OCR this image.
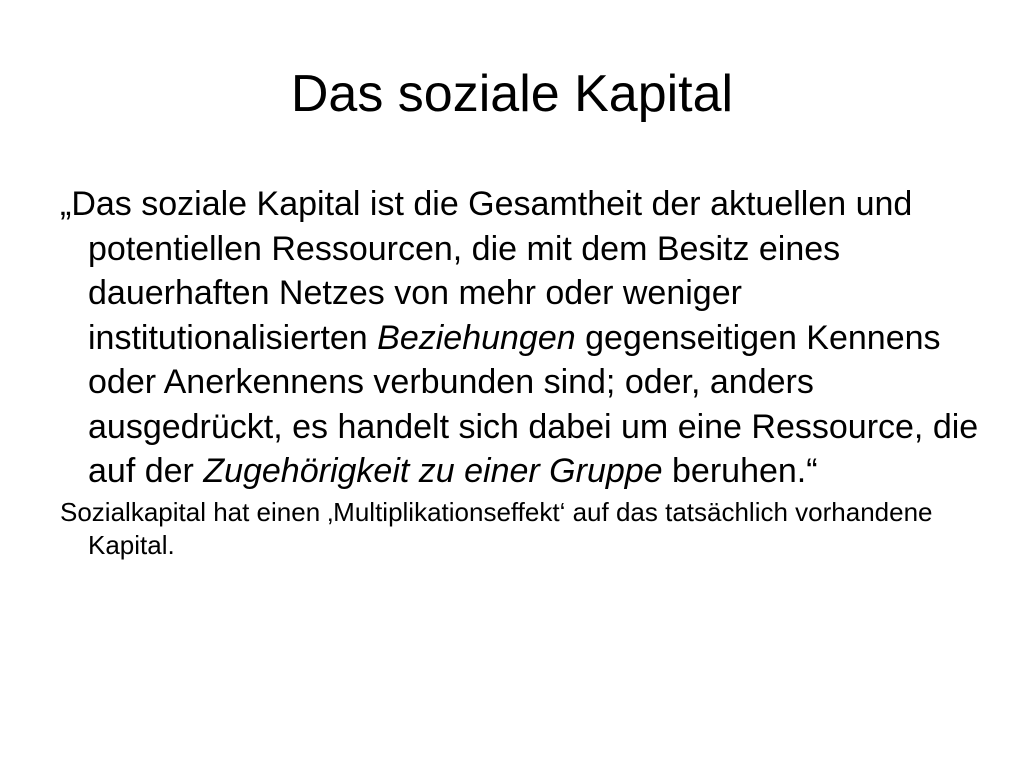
Das soziale Kapital

„Das soziale Kapital ist die Gesamtheit der aktuellen und potentiellen Ressourcen, die mit dem Besitz eines dauerhaften Netzes von mehr oder weniger institutionalisierten Beziehungen gegenseitigen Kennens oder Anerkennens verbunden sind; oder, anders ausgedrückt, es handelt sich dabei um eine Ressource, die auf der Zugehörigkeit zu einer Gruppe beruhen.“

Sozialkapital hat einen ‚Multiplikationseffekt‘ auf das tatsächlich vorhandene Kapital.
